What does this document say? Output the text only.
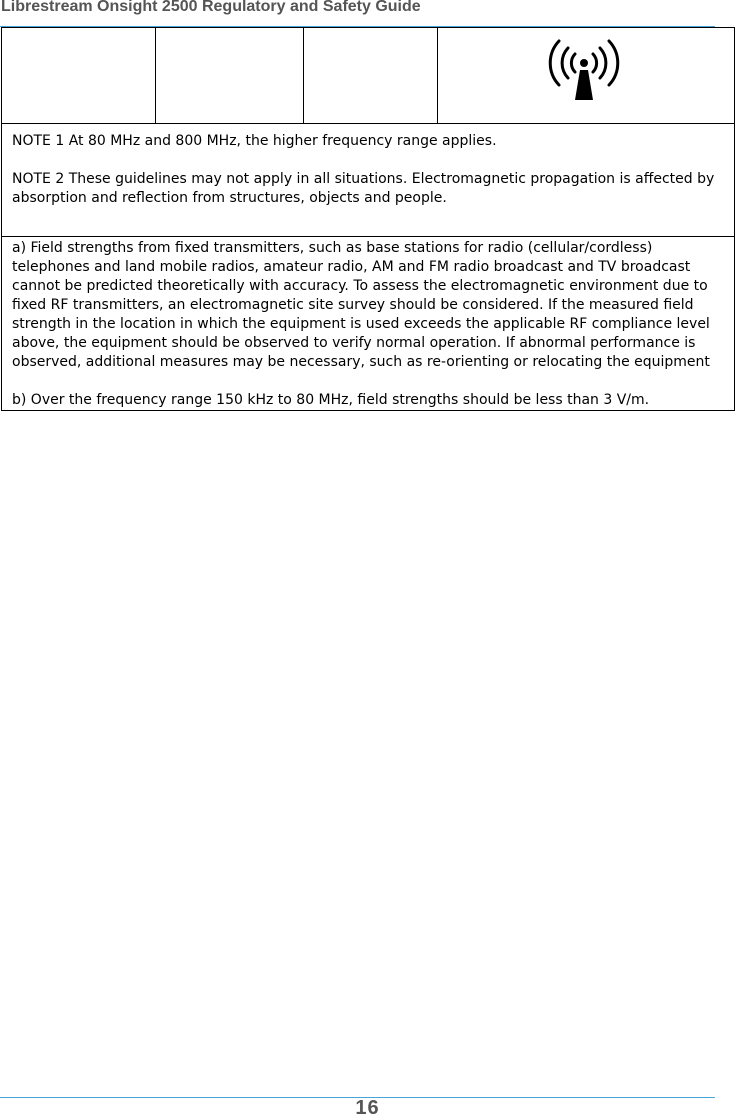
Librestream Onsight 2500 Regulatory and Safety Guide

NOTE 1 At 80 MHz and 800 MHz, the higher frequency range applies.

NOTE 2 These guidelines may not apply in all situations. Electromagnetic propagation is affected by absorption and reflection from structures, objects and people.

a) Field strengths from fixed transmitters, such as base stations for radio (cellular/cordless) telephones and land mobile radios, amateur radio, AM and FM radio broadcast and TV broadcast cannot be predicted theoretically with accuracy. To assess the electromagnetic environment due to fixed RF transmitters, an electromagnetic site survey should be considered. If the measured field strength in the location in which the equipment is used exceeds the applicable RF compliance level above, the equipment should be observed to verify normal operation. If abnormal performance is observed, additional measures may be necessary, such as re-orienting or relocating the equipment

b) Over the frequency range 150 kHz to 80 MHz, field strengths should be less than 3 V/m.

16
